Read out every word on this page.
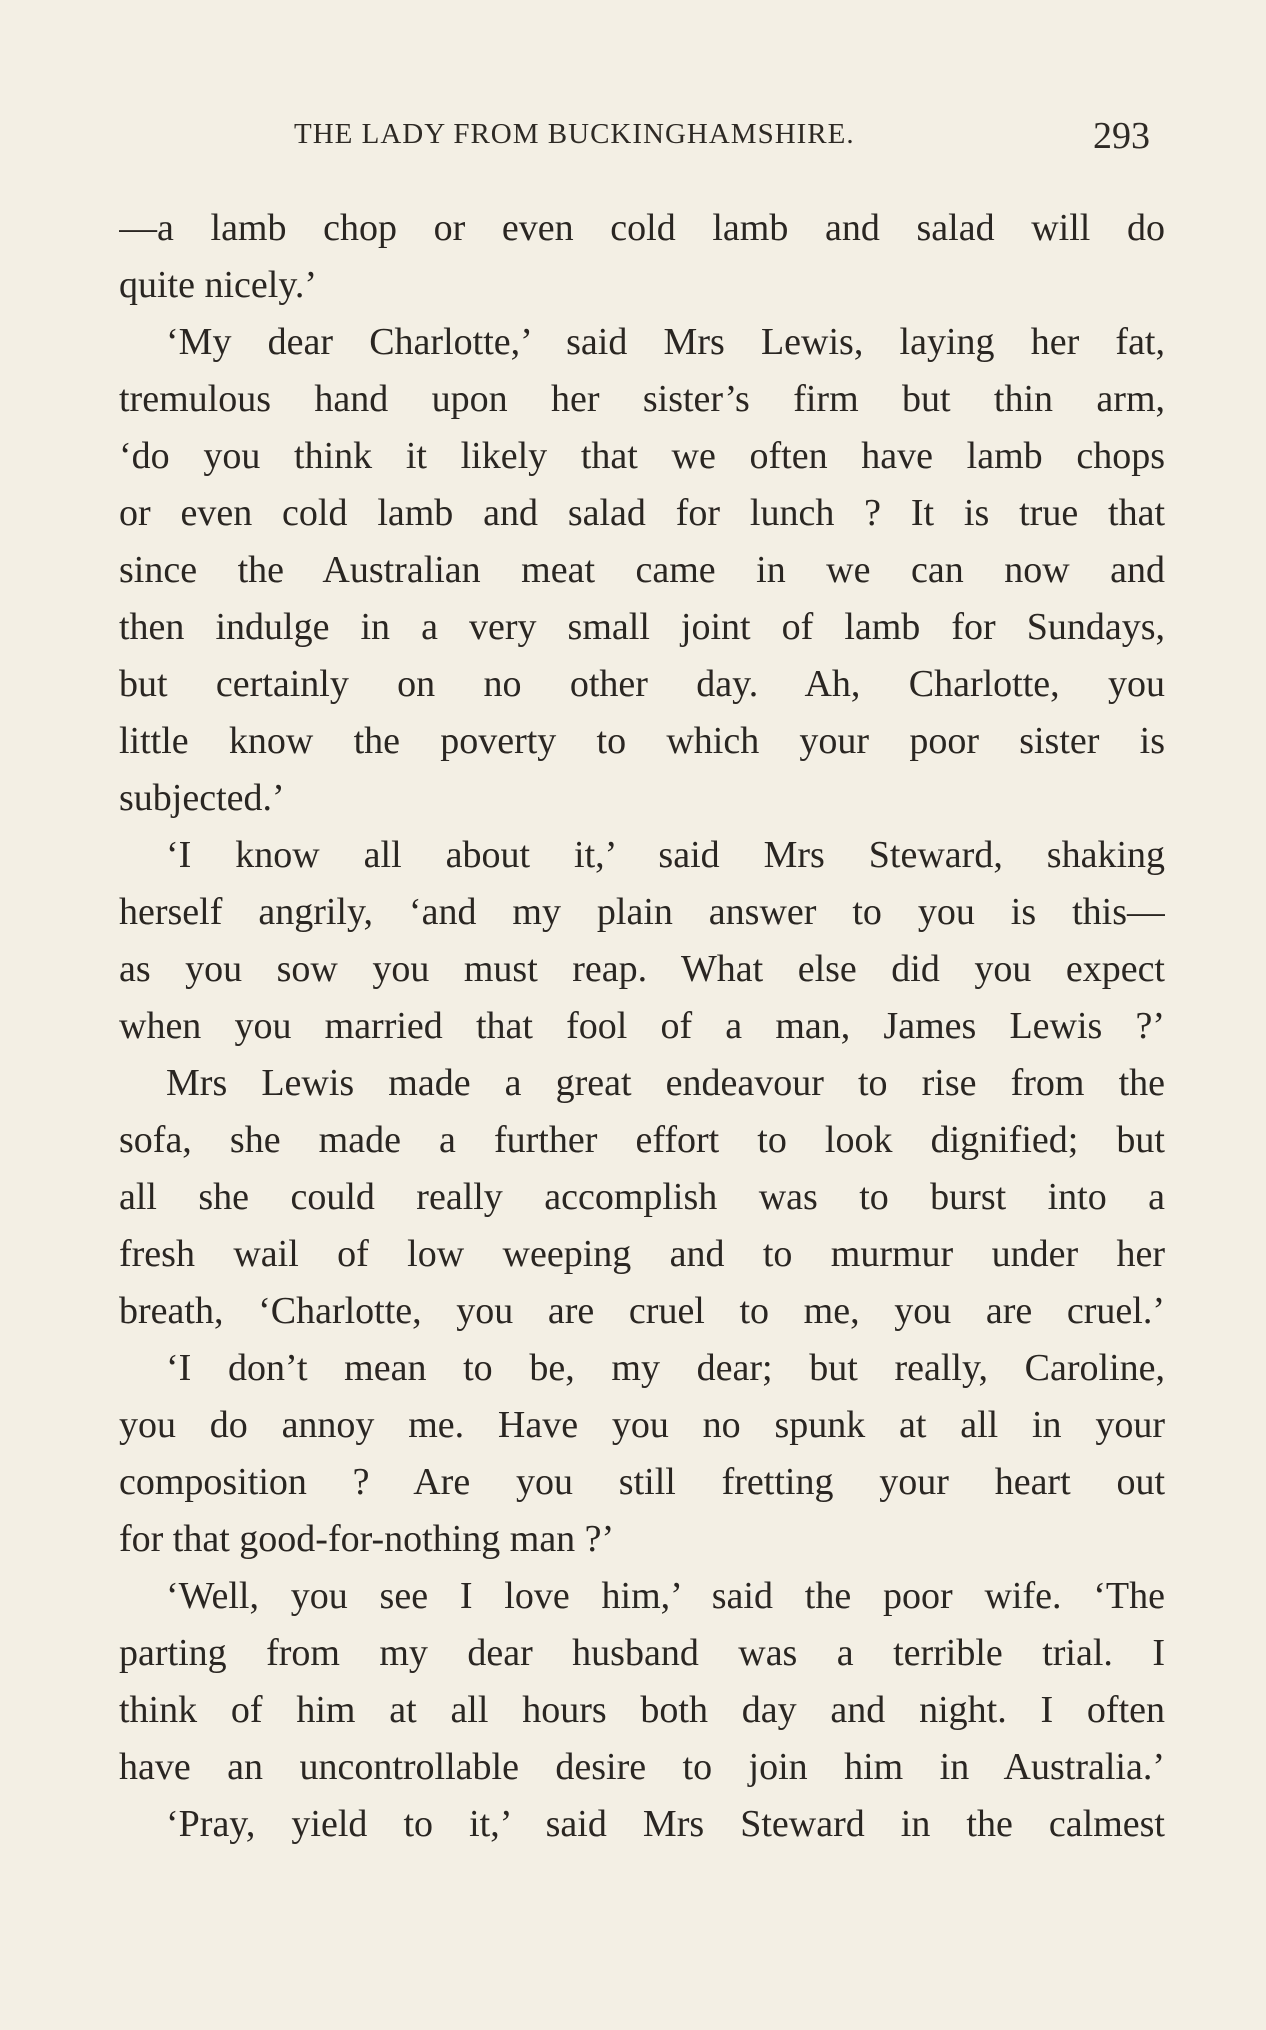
THE LADY FROM BUCKINGHAMSHIRE.	293
—a lamb chop or even cold lamb and salad will do
quite nicely.’
‘My dear Charlotte,’ said Mrs Lewis, laying her fat,
tremulous hand upon her sister’s firm but thin arm,
‘do you think it likely that we often have lamb chops
or even cold lamb and salad for lunch ? It is true that
since the Australian meat came in we can now and
then indulge in a very small joint of lamb for Sundays,
but certainly on no other day. Ah, Charlotte, you
little know the poverty to which your poor sister is
subjected.’
‘I know all about it,’ said Mrs Steward, shaking
herself angrily, ‘and my plain answer to you is this—
as you sow you must reap. What else did you expect
when you married that fool of a man, James Lewis ?’
Mrs Lewis made a great endeavour to rise from the
sofa, she made a further effort to look dignified; but
all she could really accomplish was to burst into a
fresh wail of low weeping and to murmur under her
breath, ‘Charlotte, you are cruel to me, you are cruel.’
‘I don’t mean to be, my dear; but really, Caroline,
you do annoy me. Have you no spunk at all in your
composition ? Are you still fretting your heart out
for that good-for-nothing man ?’
‘Well, you see I love him,’ said the poor wife. ‘The
parting from my dear husband was a terrible trial. I
think of him at all hours both day and night. I often
have an uncontrollable desire to join him in Australia.’
‘Pray, yield to it,’ said Mrs Steward in the calmest
